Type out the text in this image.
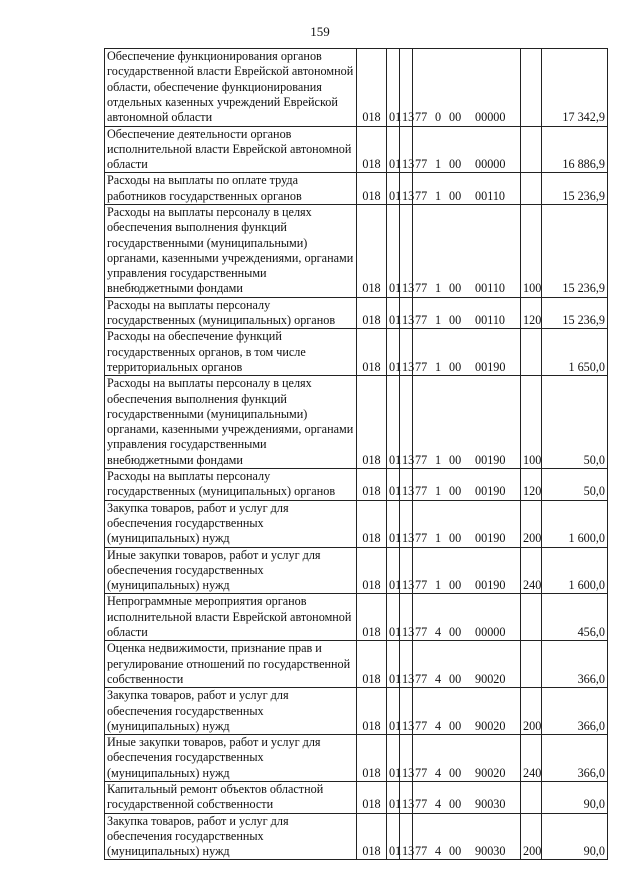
159
Обеспечение функционирования органов государственной власти Еврейской автономной области, обеспечение функционирования отдельных казенных учреждений Еврейской автономной области	018	01	13	77 0 00 00000		17 342,9
Обеспечение деятельности органов исполнительной власти Еврейской автономной области	018	01	13	77 1 00 00000		16 886,9
Расходы на выплаты по оплате труда работников государственных органов	018	01	13	77 1 00 00110		15 236,9
Расходы на выплаты персоналу в целях обеспечения выполнения функций государственными (муниципальными) органами, казенными учреждениями, органами управления государственными внебюджетными фондами	018	01	13	77 1 00 00110	100	15 236,9
Расходы на выплаты персоналу государственных (муниципальных) органов	018	01	13	77 1 00 00110	120	15 236,9
Расходы на обеспечение функций государственных органов, в том числе территориальных органов	018	01	13	77 1 00 00190		1 650,0
Расходы на выплаты персоналу в целях обеспечения выполнения функций государственными (муниципальными) органами, казенными учреждениями, органами управления государственными внебюджетными фондами	018	01	13	77 1 00 00190	100	50,0
Расходы на выплаты персоналу государственных (муниципальных) органов	018	01	13	77 1 00 00190	120	50,0
Закупка товаров, работ и услуг для обеспечения государственных (муниципальных) нужд	018	01	13	77 1 00 00190	200	1 600,0
Иные закупки товаров, работ и услуг для обеспечения государственных (муниципальных) нужд	018	01	13	77 1 00 00190	240	1 600,0
Непрограммные мероприятия органов исполнительной власти Еврейской автономной области	018	01	13	77 4 00 00000		456,0
Оценка недвижимости, признание прав и регулирование отношений по государственной собственности	018	01	13	77 4 00 90020		366,0
Закупка товаров, работ и услуг для обеспечения государственных (муниципальных) нужд	018	01	13	77 4 00 90020	200	366,0
Иные закупки товаров, работ и услуг для обеспечения государственных (муниципальных) нужд	018	01	13	77 4 00 90020	240	366,0
Капитальный ремонт объектов областной государственной собственности	018	01	13	77 4 00 90030		90,0
Закупка товаров, работ и услуг для обеспечения государственных (муниципальных) нужд	018	01	13	77 4 00 90030	200	90,0
